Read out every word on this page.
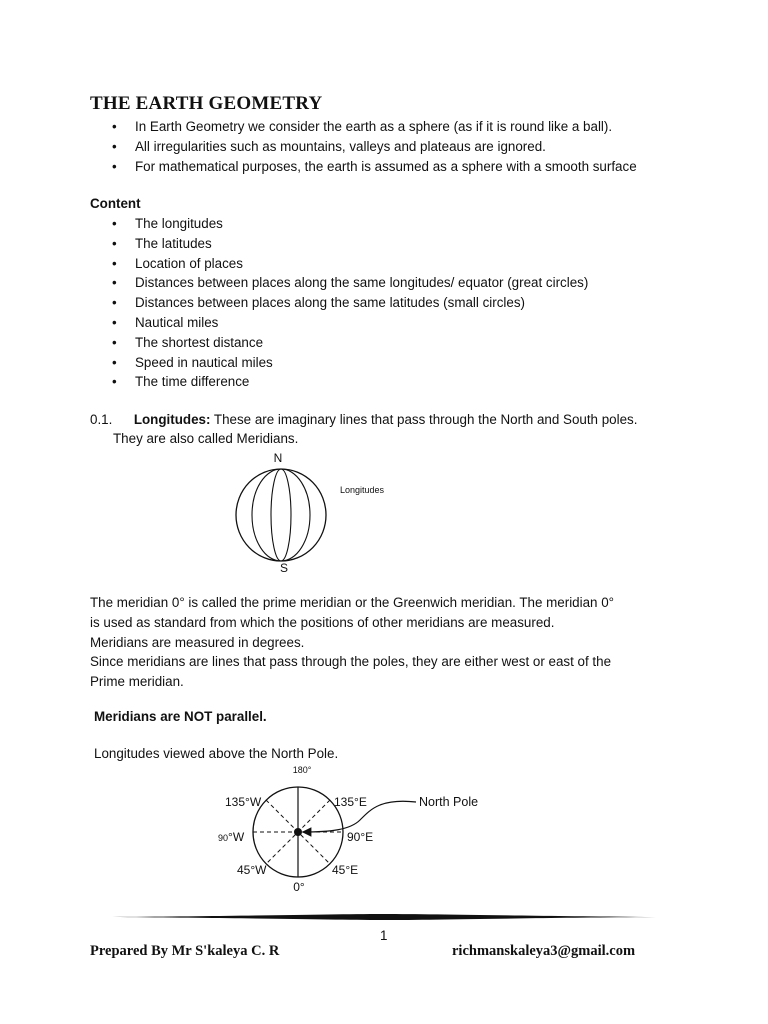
THE EARTH GEOMETRY
• In Earth Geometry we consider the earth as a sphere (as if it is round like a ball).
• All irregularities such as mountains, valleys and plateaus are ignored.
• For mathematical purposes, the earth is assumed as a sphere with a smooth surface
Content
• The longitudes
• The latitudes
• Location of places
• Distances between places along the same longitudes/ equator (great circles)
• Distances between places along the same latitudes (small circles)
• Nautical miles
• The shortest distance
• Speed in nautical miles
• The time difference
0.1. Longitudes: These are imaginary lines that pass through the North and South poles.
They are also called Meridians.
N
S
Longitudes
The meridian 0° is called the prime meridian or the Greenwich meridian. The meridian 0°
is used as standard from which the positions of other meridians are measured.
Meridians are measured in degrees.
Since meridians are lines that pass through the poles, they are either west or east of the
Prime meridian.
Meridians are NOT parallel.
Longitudes viewed above the North Pole.
180°
135°W	135°E
90°W	90°E
45°W	45°E
0°
North Pole
1
Prepared By Mr S'kaleya C. R	richmanskaleya3@gmail.com
